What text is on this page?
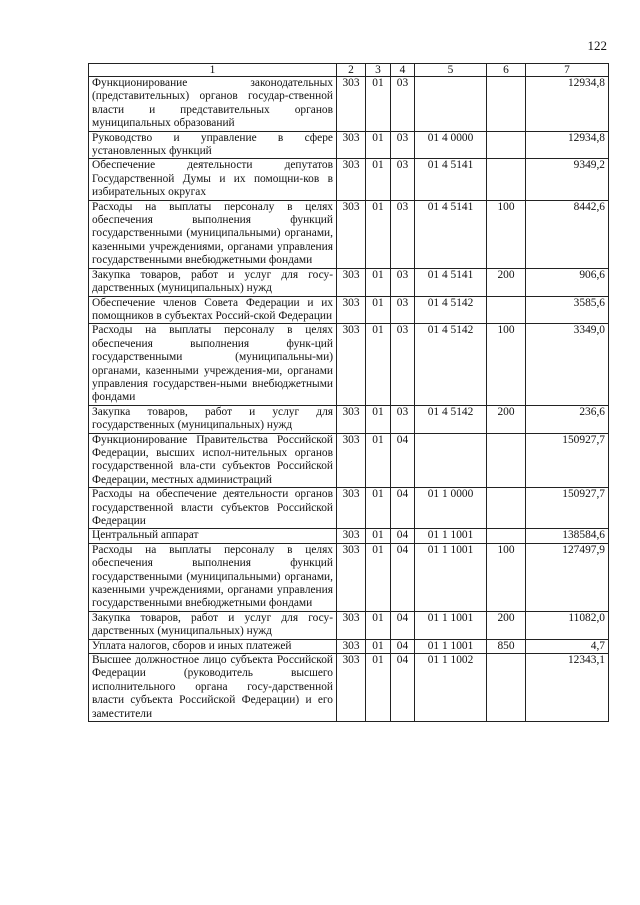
122
1	2	3	4	5	6	7
Функционирование законодательных (представительных) органов государ-ственной власти и представительных органов муниципальных образований	303	01	03			12934,8
Руководство и управление в сфере установленных функций	303	01	03	01 4 0000		12934,8
Обеспечение деятельности депутатов Государственной Думы и их помощни-ков в избирательных округах	303	01	03	01 4 5141		9349,2
Расходы на выплаты персоналу в целях обеспечения выполнения функций государственными (муниципальными) органами, казенными учреждениями, органами управления государственными внебюджетными фондами	303	01	03	01 4 5141	100	8442,6
Закупка товаров, работ и услуг для госу-дарственных (муниципальных) нужд	303	01	03	01 4 5141	200	906,6
Обеспечение членов Совета Федерации и их помощников в субъектах Россий-ской Федерации	303	01	03	01 4 5142		3585,6
Расходы на выплаты персоналу в целях обеспечения выполнения функ-ций государственными (муниципальны-ми) органами, казенными учреждения-ми, органами управления государствен-ными внебюджетными фондами	303	01	03	01 4 5142	100	3349,0
Закупка товаров, работ и услуг для государственных (муниципальных) нужд	303	01	03	01 4 5142	200	236,6
Функционирование Правительства Российской Федерации, высших испол-нительных органов государственной вла-сти субъектов Российской Федерации, местных администраций	303	01	04			150927,7
Расходы на обеспечение деятельности органов государственной власти субъектов Российской Федерации	303	01	04	01 1 0000		150927,7
Центральный аппарат	303	01	04	01 1 1001		138584,6
Расходы на выплаты персоналу в целях обеспечения выполнения функций государственными (муниципальными) органами, казенными учреждениями, органами управления государственными внебюджетными фондами	303	01	04	01 1 1001	100	127497,9
Закупка товаров, работ и услуг для госу-дарственных (муниципальных) нужд	303	01	04	01 1 1001	200	11082,0
Уплата налогов, сборов и иных платежей	303	01	04	01 1 1001	850	4,7
Высшее должностное лицо субъекта Российской Федерации (руководитель высшего исполнительного органа госу-дарственной власти субъекта Российской Федерации) и его заместители	303	01	04	01 1 1002		12343,1
